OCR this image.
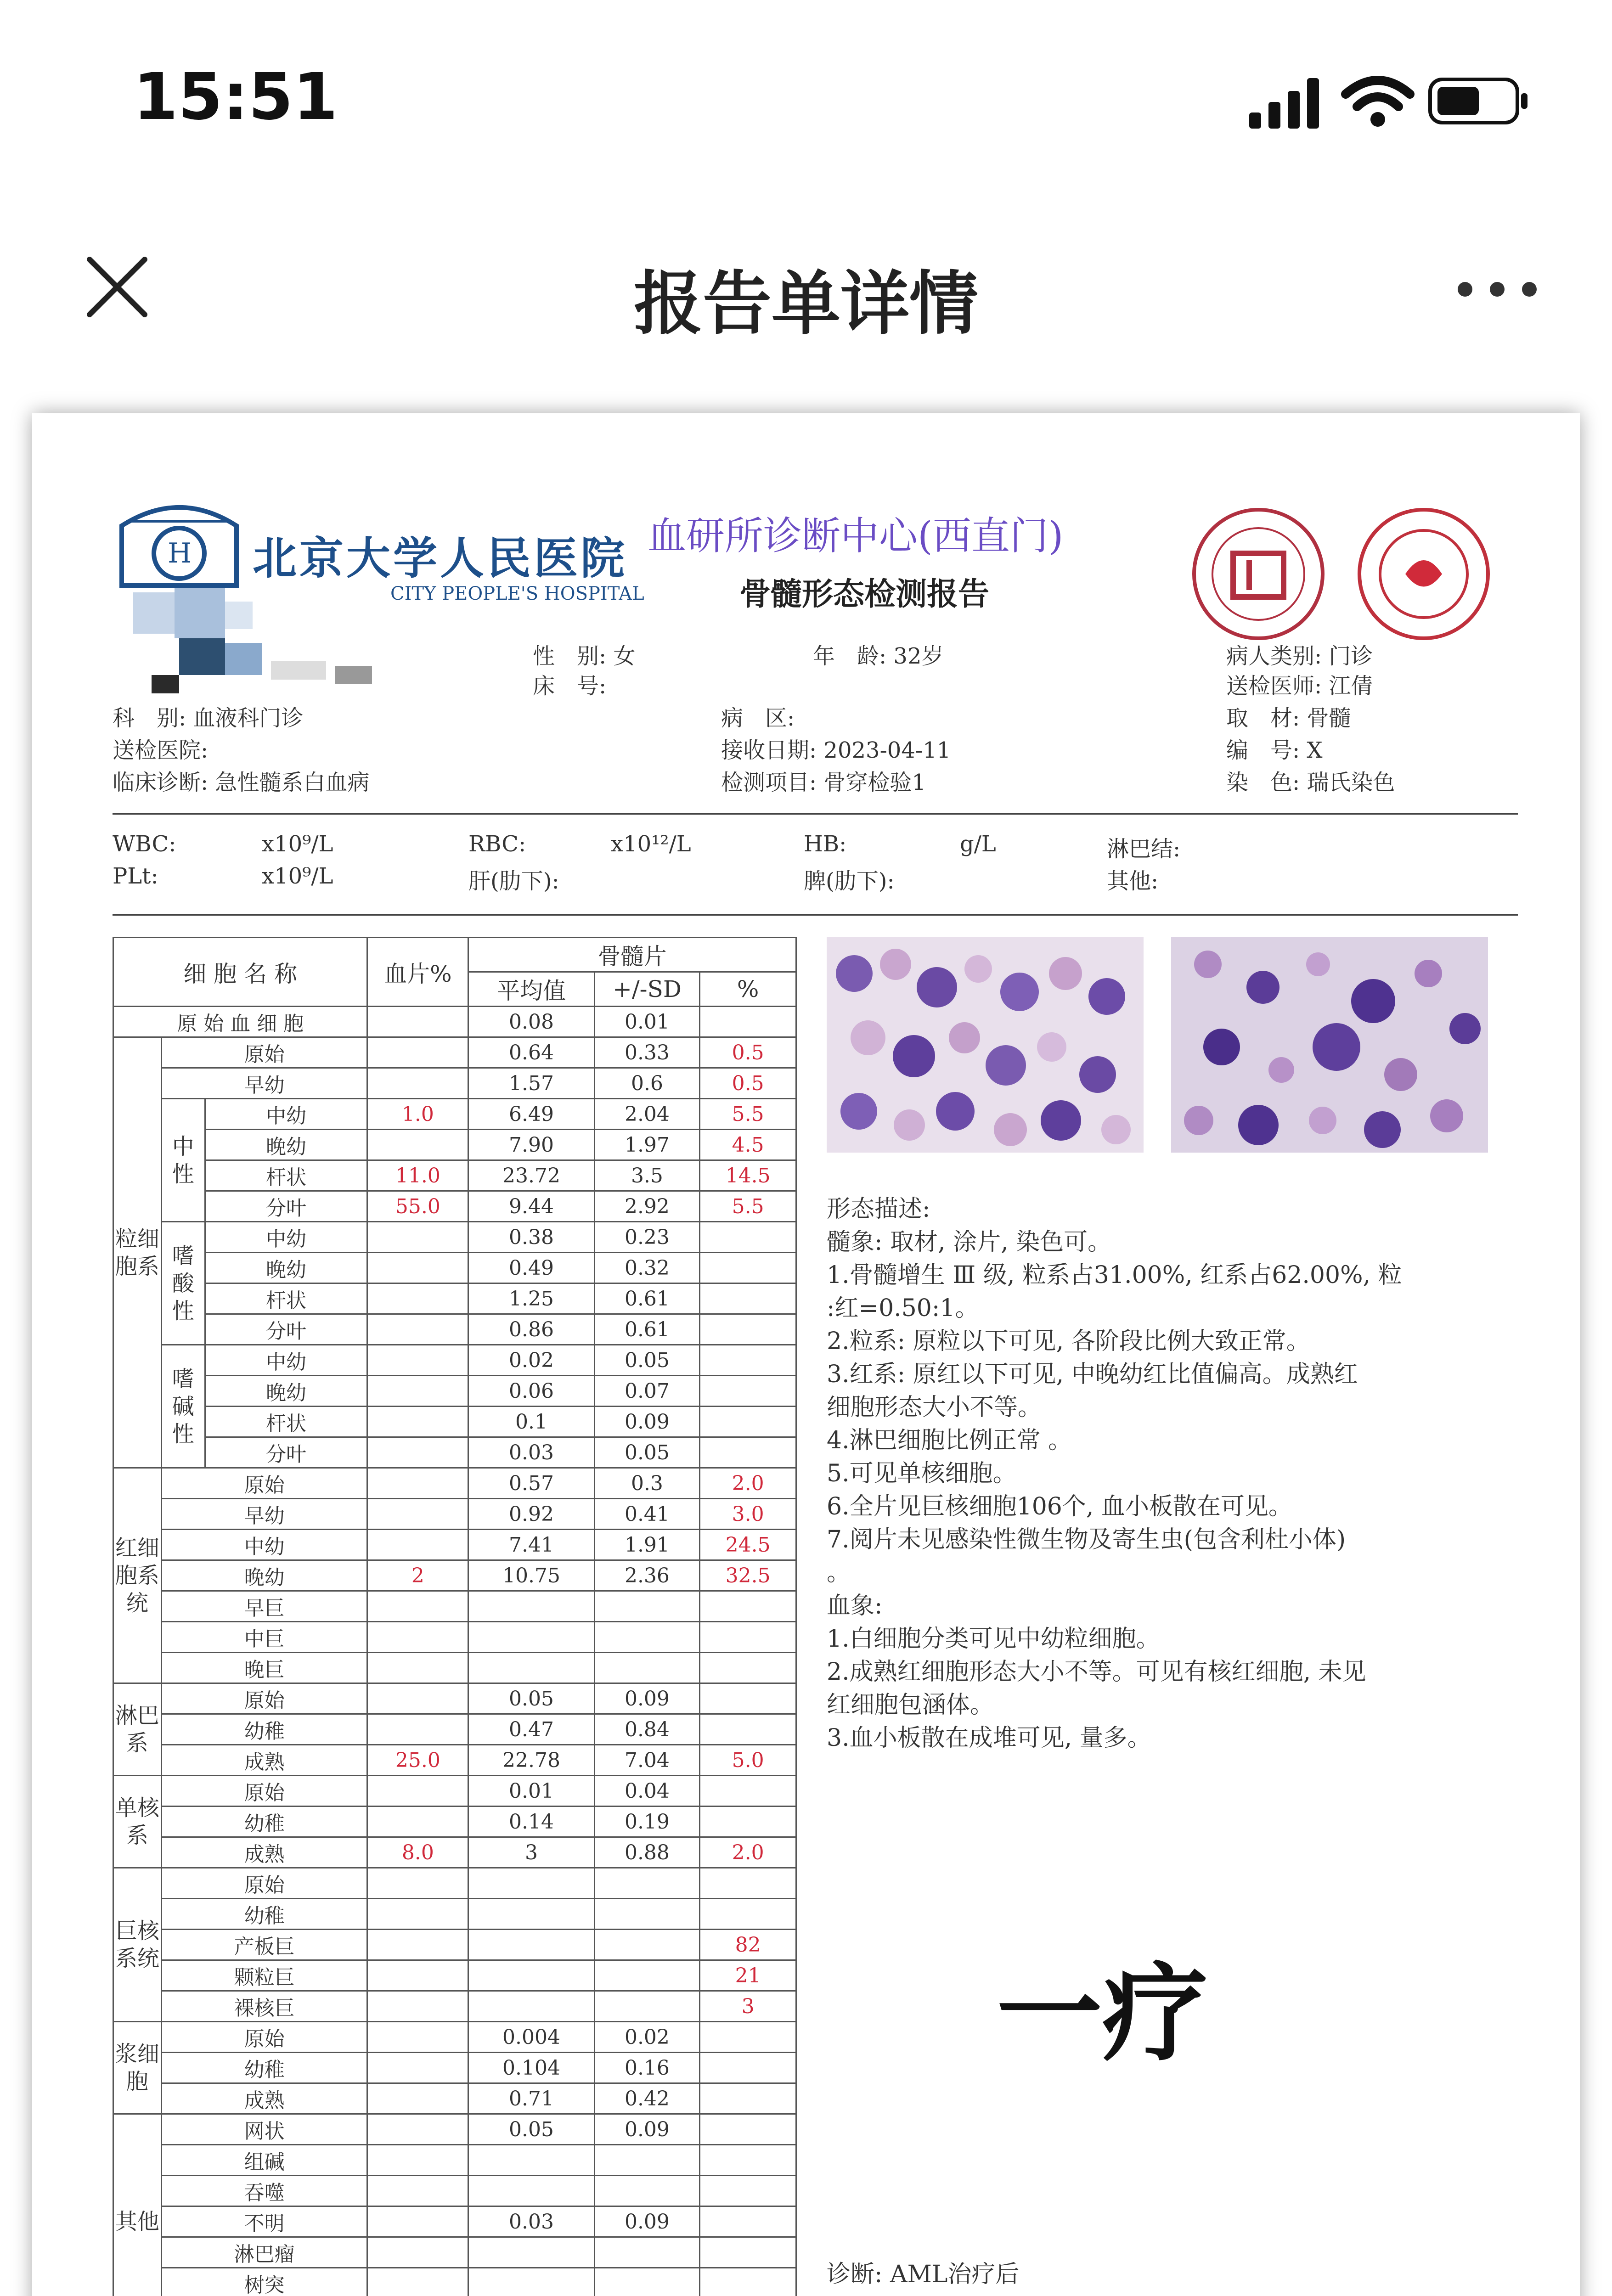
15:51
报告单详情
H 北京大学人民医院
CITY PEOPLE'S HOSPITAL
血研所诊断中心(西直门)
骨髓形态检测报告
性　别: 女	年　龄: 32岁	病人类别: 门诊
床　号:	送检医师: 江倩
科　别: 血液科门诊	病　区:	取　材: 骨髓
送检医院:	接收日期: 2023-04-11	编　号: X
临床诊断: 急性髓系白血病	检测项目: 骨穿检验1	染　色: 瑞氏染色
WBC:	x10⁹/L	RBC:	x10¹²/L	HB:	g/L	淋巴结:
PLt:	x10⁹/L	肝(肋下):	脾(肋下):	其他:
细 胞 名 称			血片%	骨髓片		
				平均值	+/-SD	%
原 始 血 细 胞				0.08	0.01	
粒细胞系	原始			0.64	0.33	0.5
	早幼			1.57	0.6	0.5
	中性	中幼	1.0	6.49	2.04	5.5
		晚幼		7.90	1.97	4.5
		杆状	11.0	23.72	3.5	14.5
		分叶	55.0	9.44	2.92	5.5
	嗜酸性	中幼		0.38	0.23	
		晚幼		0.49	0.32	
		杆状		1.25	0.61	
		分叶		0.86	0.61	
	嗜碱性	中幼		0.02	0.05	
		晚幼		0.06	0.07	
		杆状		0.1	0.09	
		分叶		0.03	0.05	
红细胞系统	原始			0.57	0.3	2.0
	早幼			0.92	0.41	3.0
	中幼			7.41	1.91	24.5
	晚幼		2	10.75	2.36	32.5
	早巨					
	中巨					
	晚巨					
淋巴系	原始			0.05	0.09	
	幼稚			0.47	0.84	
	成熟		25.0	22.78	7.04	5.0
单核系	原始			0.01	0.04	
	幼稚			0.14	0.19	
	成熟		8.0	3	0.88	2.0
巨核系统	原始					
	幼稚					
	产板巨					82
	颗粒巨					21
	裸核巨					3
浆细胞	原始			0.004	0.02	
	幼稚			0.104	0.16	
	成熟			0.71	0.42	
其他	网状			0.05	0.09	
	组碱					
	吞噬					
	不明			0.03	0.09	
	淋巴瘤					
	树突					

形态描述:
髓象: 取材, 涂片, 染色可。
1.骨髓增生 Ⅲ 级, 粒系占31.00%, 红系占62.00%, 粒
:红=0.50:1。
2.粒系: 原粒以下可见, 各阶段比例大致正常。
3.红系: 原红以下可见, 中晚幼红比值偏高。成熟红
细胞形态大小不等。
4.淋巴细胞比例正常 。
5.可见单核细胞。
6.全片见巨核细胞106个, 血小板散在可见。
7.阅片未见感染性微生物及寄生虫(包含利杜小体)
。
血象:
1.白细胞分类可见中幼粒细胞。
2.成熟红细胞形态大小不等。可见有核红细胞, 未见
红细胞包涵体。
3.血小板散在成堆可见, 量多。
一疗
诊断: AML治疗后
